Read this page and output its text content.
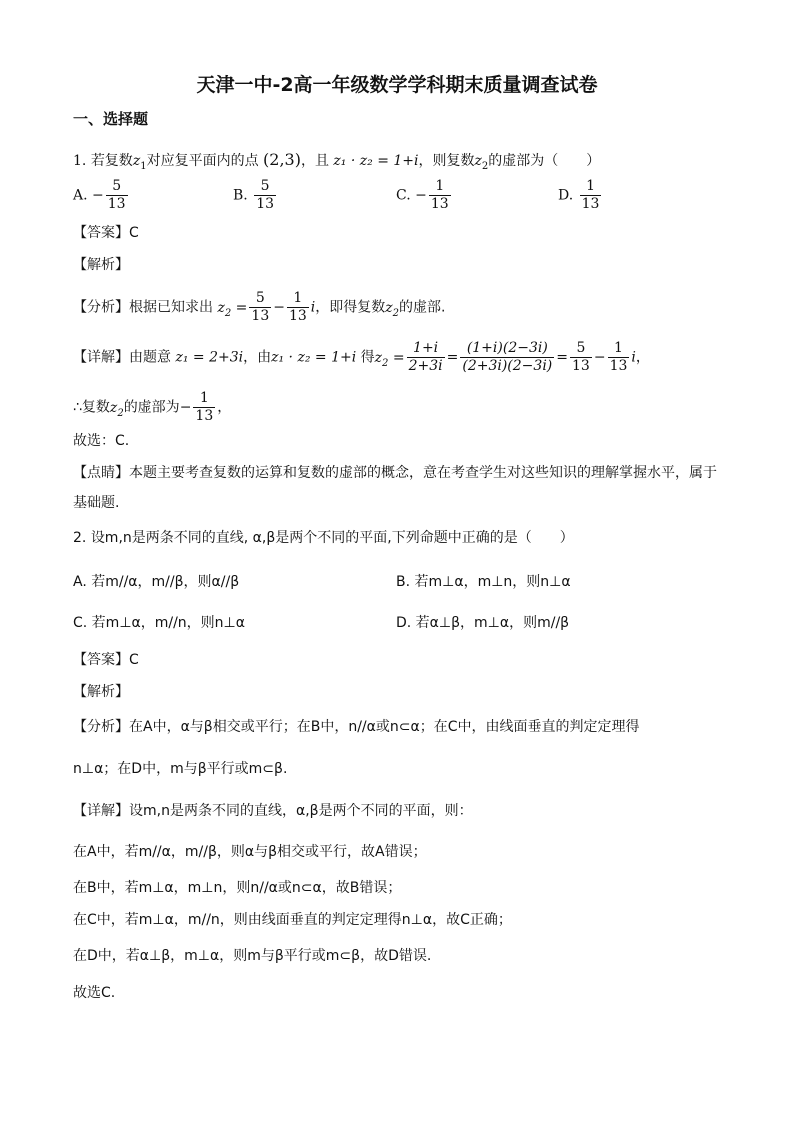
天津一中-2高一年级数学学科期末质量调查试卷
一、选择题
1. 若复数$z_1$对应复平面内的点 (2,3)，且 z₁ · z₂ = 1+i，则复数$z_2$的虚部为（　　）
A. − $\frac{5}{13}$	B. $\frac{5}{13}$	C. − $\frac{1}{13}$	D. $\frac{1}{13}$
【答案】C
【解析】
【分析】根据已知求出 $z_2 = \frac{5}{13} - \frac{1}{13}$ i，即得复数$z_2$的虚部.
【详解】由题意 z₁ = 2+3i，由z₁ · z₂ = 1+i 得$z_2 = \frac{1+i}{2+3i} = \frac{(1+i)(2-3i)}{(2+3i)(2-3i)} = \frac{5}{13} - \frac{1}{13}$ i，
∴复数$z_2$的虚部为− $\frac{1}{13}$ ，
故选：C.
【点睛】本题主要考查复数的运算和复数的虚部的概念，意在考查学生对这些知识的理解掌握水平，属于
基础题.
2. 设m,n是两条不同的直线, α,β是两个不同的平面,下列命题中正确的是（　　）
A. 若m//α，m//β，则α//β	B. 若m⊥α，m⊥n，则n⊥α
C. 若m⊥α，m//n，则n⊥α	D. 若α⊥β，m⊥α，则m//β
【答案】C
【解析】
【分析】在A中，α与β相交或平行；在B中，n//α或n⊂α；在C中，由线面垂直的判定定理得
n⊥α；在D中，m与β平行或m⊂β.
【详解】设m,n是两条不同的直线，α,β是两个不同的平面，则：
在A中，若m//α，m//β，则α与β相交或平行，故A错误；
在B中，若m⊥α，m⊥n，则n//α或n⊂α，故B错误；
在C中，若m⊥α，m//n，则由线面垂直的判定定理得n⊥α，故C正确；
在D中，若α⊥β，m⊥α，则m与β平行或m⊂β，故D错误.
故选C.
